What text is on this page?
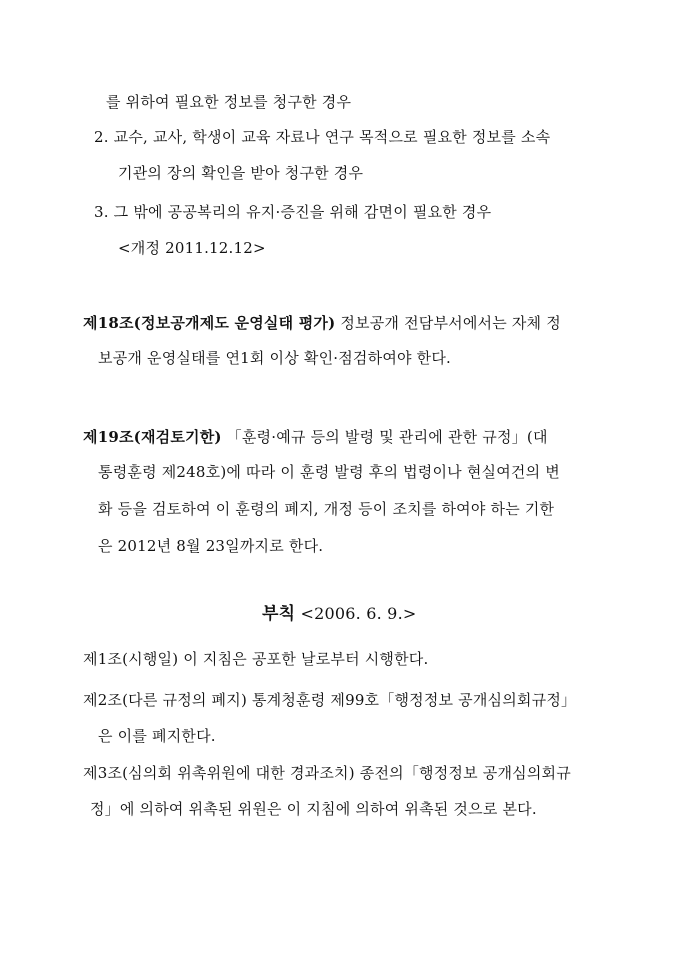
를 위하여 필요한 정보를 청구한 경우
2. 교수, 교사, 학생이 교육 자료나 연구 목적으로 필요한 정보를 소속
기관의 장의 확인을 받아 청구한 경우
3. 그 밖에 공공복리의 유지·증진을 위해 감면이 필요한 경우
<개정 2011.12.12>
제18조(정보공개제도 운영실태 평가) 정보공개 전담부서에서는 자체 정
보공개 운영실태를 연1회 이상 확인·점검하여야 한다.
제19조(재검토기한) 「훈령·예규 등의 발령 및 관리에 관한 규정」(대
통령훈령 제248호)에 따라 이 훈령 발령 후의 법령이나 현실여건의 변
화 등을 검토하여 이 훈령의 폐지, 개정 등이 조치를 하여야 하는 기한
은 2012년 8월 23일까지로 한다.
부칙 <2006. 6. 9.>
제1조(시행일) 이 지침은 공포한 날로부터 시행한다.
제2조(다른 규정의 폐지) 통계청훈령 제99호「행정정보 공개심의회규정」
은 이를 폐지한다.
제3조(심의회 위촉위원에 대한 경과조치) 종전의「행정정보 공개심의회규
정」에 의하여 위촉된 위원은 이 지침에 의하여 위촉된 것으로 본다.
